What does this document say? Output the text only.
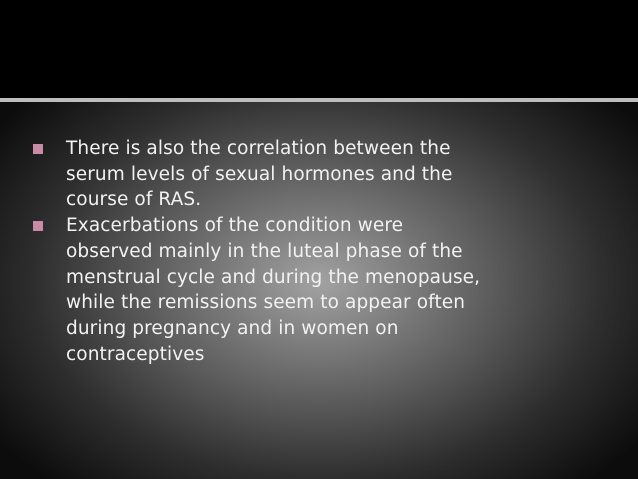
There is also the correlation between the
serum levels of sexual hormones and the
course of RAS.
Exacerbations of the condition were
observed mainly in the luteal phase of the
menstrual cycle and during the menopause,
while the remissions seem to appear often
during pregnancy and in women on
contraceptives
